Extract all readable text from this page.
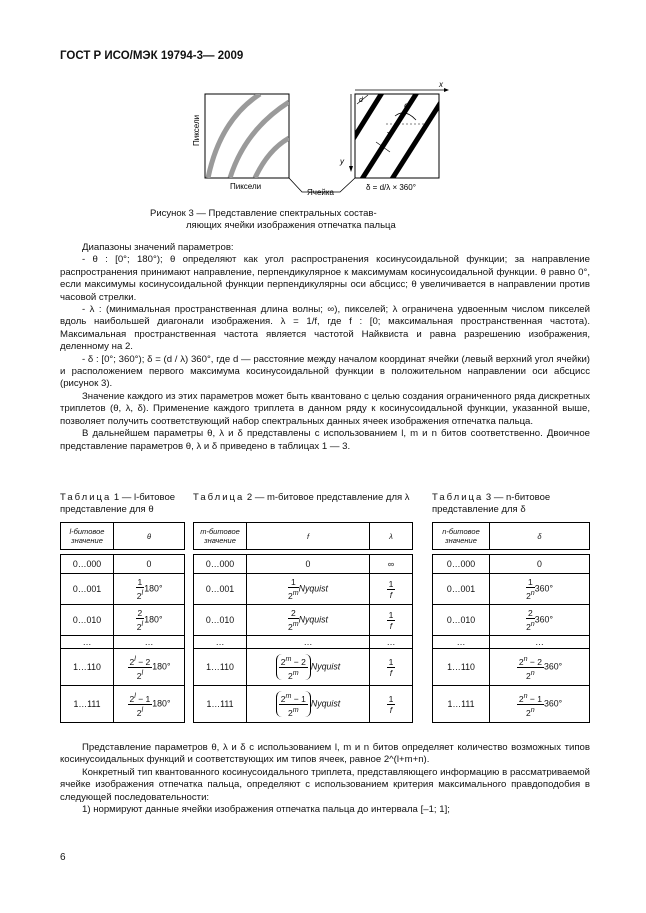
ГОСТ Р ИСО/МЭК 19794-3— 2009

Пиксели
Пиксели
x
y
d
θ
λ
Ячейка
δ = d/λ × 360°
Рисунок 3 — Представление спектральных состав-
ляющих ячейки изображения отпечатка пальца

Диапазоны значений параметров:

- θ : [0°; 180°); θ определяют как угол распространения косинусоидальной функции; за направление распространения принимают направление, перпендикулярное к максимумам косинусоидальной функции. θ равно 0°, если максимумы косинусоидальной функции перпендикулярны оси абсцисс; θ увеличивается в направлении против часовой стрелки.

- λ : (минимальная пространственная длина волны; ∞), пикселей; λ ограничена удвоенным числом пикселей вдоль наибольшей диагонали изображения. λ = 1/f, где f : [0; максимальная пространственная частота). Максимальная пространственная частота является частотой Найквиста и равна разрешению изображения, деленному на 2.

- δ : [0°; 360°); δ = (d / λ) 360°, где d — расстояние между началом координат ячейки (левый верхний угол ячейки) и расположением первого максимума косинусоидальной функции в положительном направлении оси абсцисс (рисунок 3).

Значение каждого из этих параметров может быть квантовано с целью создания ограниченного ряда дискретных триплетов (θ, λ, δ). Применение каждого триплета в данном ряду к косинусоидальной функции, указанной выше, позволяет получить соответствующий набор спектральных данных ячеек изображения отпечатка пальца.

В дальнейшем параметры θ, λ и δ представлены с использованием l, m и n битов соответственно. Двоичное представление параметров θ, λ и δ приведено в таблицах 1 — 3.

Таблица 1 — l-битовое представление для θ

Таблица 2 — m-битовое представление для λ	Таблица 3 — n-битовое представление для δ

l-битовое значение	θ

0…000	0
0…001	$\frac{1}{2^l} 180^\circ$
0…010	$\frac{2}{2^l} 180^\circ$
…	…
1…110	$\frac{2^l - 2}{2^l} 180^\circ$
1…111	$\frac{2^l - 1}{2^l} 180^\circ$
m-битовое значение	f	λ

0…000	0	∞
0…001	$\frac{1}{2^m}$ Nyquist	$\frac{1}{f}$

0…010	$\frac{2}{2^m}$ Nyquist	$\frac{1}{f}$

…	…	…
1…110	$\frac{2^m - 2}{2^m}$ Nyquist	$\frac{1}{f}$

1…111	$\frac{2^m - 1}{2^m}$ Nyquist	$\frac{1}{f}$
n-битовое значение	δ

0…000	0
0…001	$\frac{1}{2^n} 360^\circ$
0…010	$\frac{2}{2^n} 360^\circ$
…	…
1…110	$\frac{2^n - 2}{2^n} 360^\circ$
1…111	$\frac{2^n - 1}{2^n} 360^\circ$

Представление параметров θ, λ и δ с использованием l, m и n битов определяет количество возможных типов косинусоидальных функций и соответствующих им типов ячеек, равное 2^(l+m+n).

Конкретный тип квантованного косинусоидального триплета, представляющего информацию в рассматриваемой ячейке изображения отпечатка пальца, определяют с использованием критерия максимального правдоподобия в следующей последовательности:

1) нормируют данные ячейки изображения отпечатка пальца до интервала [–1; 1];

6
